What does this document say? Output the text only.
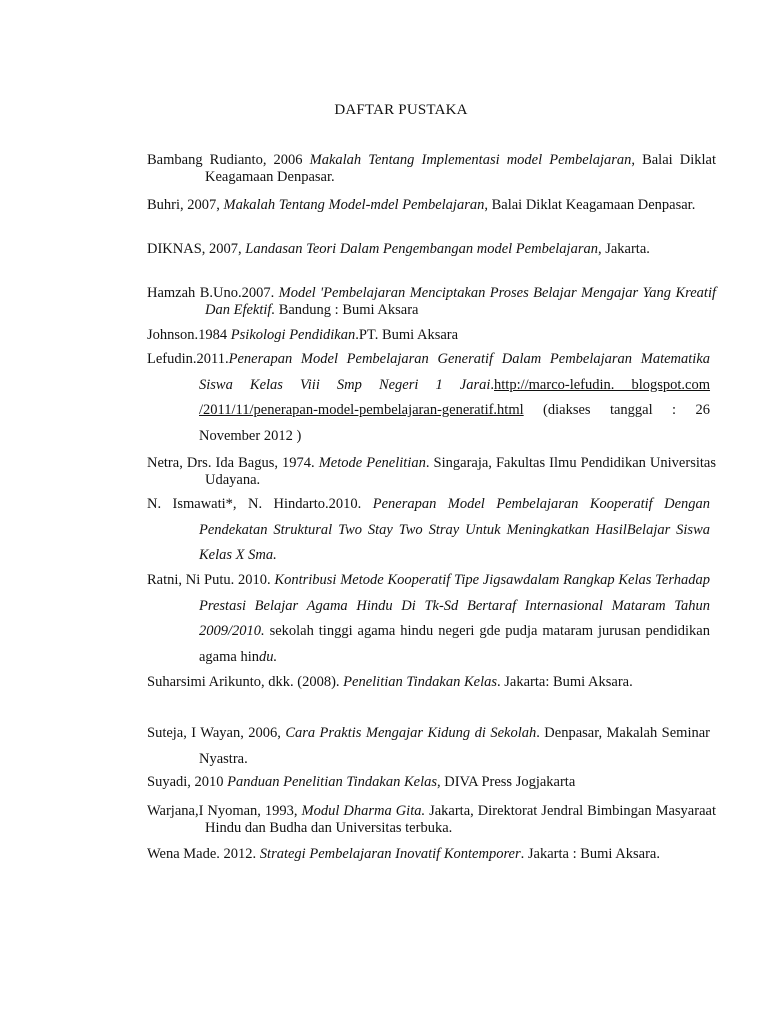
DAFTAR PUSTAKA
Bambang Rudianto, 2006 Makalah Tentang Implementasi model Pembelajaran, Balai Diklat Keagamaan Denpasar.
Buhri, 2007, Makalah Tentang Model-mdel Pembelajaran, Balai Diklat Keagamaan Denpasar.
DIKNAS, 2007, Landasan Teori Dalam Pengembangan model Pembelajaran, Jakarta.
Hamzah B.Uno.2007. Model 'Pembelajaran Menciptakan Proses Belajar Mengajar Yang Kreatif Dan Efektif. Bandung : Bumi Aksara
Johnson.1984 Psikologi Pendidikan.PT. Bumi Aksara
Lefudin.2011.Penerapan Model Pembelajaran Generatif Dalam Pembelajaran Matematika Siswa Kelas Viii Smp Negeri 1 Jarai.http://marco-lefudin. blogspot.com /2011/11/penerapan-model-pembelajaran-generatif.html (diakses tanggal : 26 November 2012 )
Netra, Drs. Ida Bagus, 1974. Metode Penelitian. Singaraja, Fakultas Ilmu Pendidikan Universitas Udayana.
N. Ismawati*, N. Hindarto.2010. Penerapan Model Pembelajaran Kooperatif Dengan Pendekatan Struktural Two Stay Two Stray Untuk Meningkatkan HasilBelajar Siswa Kelas X Sma.
Ratni, Ni Putu. 2010. Kontribusi Metode Kooperatif Tipe Jigsawdalam Rangkap Kelas Terhadap Prestasi Belajar Agama Hindu Di Tk-Sd Bertaraf Internasional Mataram Tahun 2009/2010. sekolah tinggi agama hindu negeri gde pudja mataram jurusan pendidikan agama hindu.
Suharsimi Arikunto, dkk. (2008). Penelitian Tindakan Kelas. Jakarta: Bumi Aksara.
Suteja, I Wayan, 2006, Cara Praktis Mengajar Kidung di Sekolah. Denpasar, Makalah Seminar Nyastra.
Suyadi, 2010 Panduan Penelitian Tindakan Kelas, DIVA Press Jogjakarta
Warjana,I Nyoman, 1993, Modul Dharma Gita. Jakarta, Direktorat Jendral Bimbingan Masyaraat Hindu dan Budha dan Universitas terbuka.
Wena Made. 2012. Strategi Pembelajaran Inovatif Kontemporer. Jakarta : Bumi Aksara.
